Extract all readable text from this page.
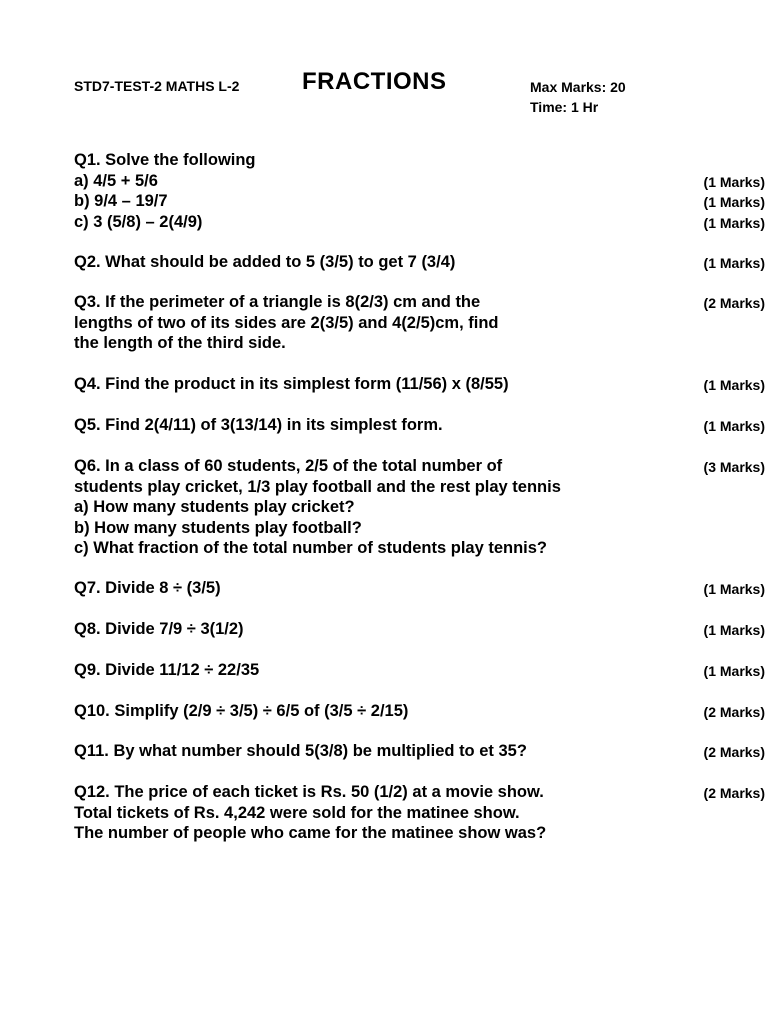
STD7-TEST-2 MATHS L-2	FRACTIONS	Max Marks: 20
Time: 1 Hr
Q1. Solve the following
a) 4/5 + 5/6	(1 Marks)
b) 9/4 – 19/7	(1 Marks)
c) 3 (5/8) – 2(4/9)	(1 Marks)
Q2. What should be added to 5 (3/5) to get 7 (3/4)	(1 Marks)
Q3. If the perimeter of a triangle is 8(2/3) cm and the	(2 Marks)
lengths of two of its sides are 2(3/5) and 4(2/5)cm, find
the length of the third side.
Q4. Find the product in its simplest form (11/56) x (8/55)	(1 Marks)
Q5. Find 2(4/11) of 3(13/14) in its simplest form.	(1 Marks)
Q6. In a class of 60 students, 2/5 of the total number of	(3 Marks)
students play cricket, 1/3 play football and the rest play tennis
a) How many students play cricket?
b) How many students play football?
c) What fraction of the total number of students play tennis?
Q7. Divide 8 ÷ (3/5)	(1 Marks)
Q8. Divide 7/9 ÷ 3(1/2)	(1 Marks)
Q9. Divide 11/12 ÷ 22/35	(1 Marks)
Q10. Simplify (2/9 ÷ 3/5) ÷ 6/5 of (3/5 ÷ 2/15)	(2 Marks)
Q11. By what number should 5(3/8) be multiplied to et 35?	(2 Marks)
Q12. The price of each ticket is Rs. 50 (1/2) at a movie show.	(2 Marks)
Total tickets of Rs. 4,242 were sold for the matinee show.
The number of people who came for the matinee show was?
